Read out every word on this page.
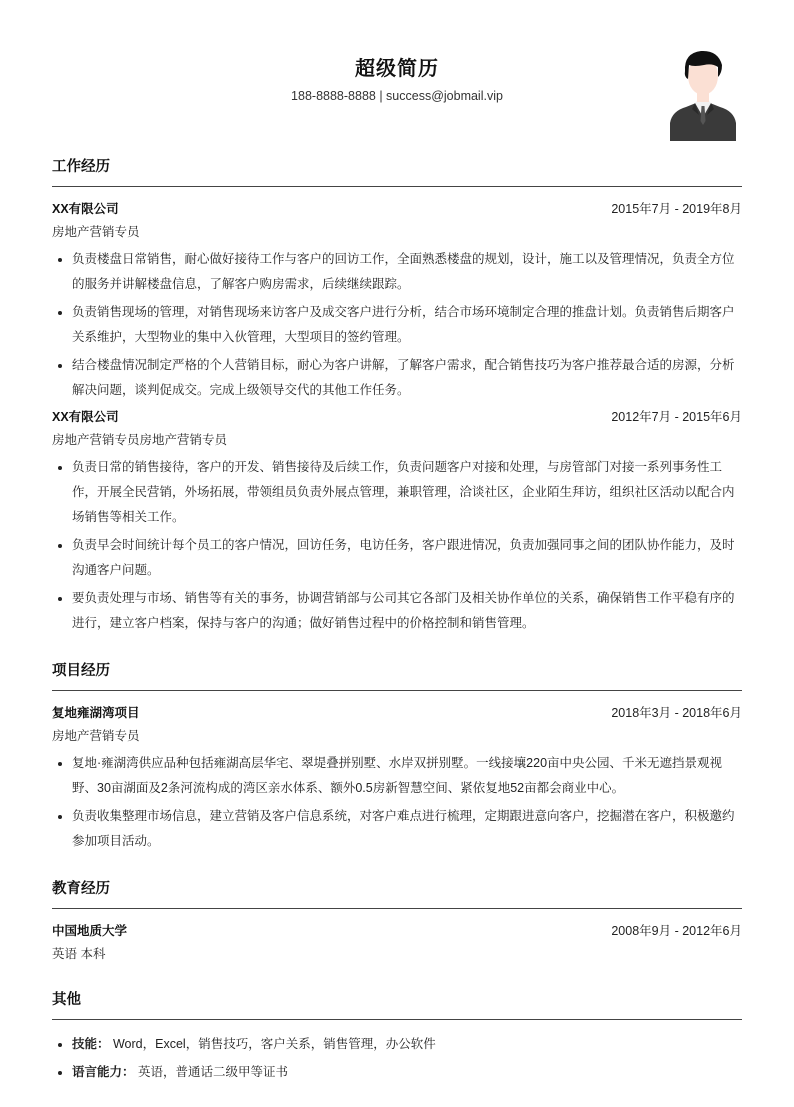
超级简历
188-8888-8888 | success@jobmail.vip
工作经历
XX有限公司	2015年7月 - 2019年8月
房地产营销专员
负责楼盘日常销售，耐心做好接待工作与客户的回访工作，全面熟悉楼盘的规划，设计，施工以及管理情况，负责全方位的服务并讲解楼盘信息，了解客户购房需求，后续继续跟踪。
负责销售现场的管理，对销售现场来访客户及成交客户进行分析，结合市场环境制定合理的推盘计划。负责销售后期客户关系维护，大型物业的集中入伙管理，大型项目的签约管理。
结合楼盘情况制定严格的个人营销目标，耐心为客户讲解，了解客户需求，配合销售技巧为客户推荐最合适的房源，分析解决问题，谈判促成交。完成上级领导交代的其他工作任务。
XX有限公司	2012年7月 - 2015年6月
房地产营销专员房地产营销专员
负责日常的销售接待，客户的开发、销售接待及后续工作，负责问题客户对接和处理，与房管部门对接一系列事务性工作，开展全民营销，外场拓展，带领组员负责外展点管理，兼职管理，洽谈社区，企业陌生拜访，组织社区活动以配合内场销售等相关工作。
负责早会时间统计每个员工的客户情况，回访任务，电访任务，客户跟进情况，负责加强同事之间的团队协作能力，及时沟通客户问题。
要负责处理与市场、销售等有关的事务，协调营销部与公司其它各部门及相关协作单位的关系，确保销售工作平稳有序的进行，建立客户档案，保持与客户的沟通；做好销售过程中的价格控制和销售管理。
项目经历
复地雍湖湾项目	2018年3月 - 2018年6月
房地产营销专员
复地·雍湖湾供应品种包括雍湖高层华宅、翠堤叠拼别墅、水岸双拼别墅。一线接壤220亩中央公园、千米无遮挡景观视野、30亩湖面及2条河流构成的湾区亲水体系、额外0.5房新智慧空间、紧依复地52亩都会商业中心。
负责收集整理市场信息，建立营销及客户信息系统，对客户难点进行梳理，定期跟进意向客户，挖掘潜在客户，积极邀约参加项目活动。
教育经历
中国地质大学	2008年9月 - 2012年6月
英语 本科
其他
技能： Word，Excel，销售技巧，客户关系，销售管理，办公软件
语言能力： 英语，普通话二级甲等证书
